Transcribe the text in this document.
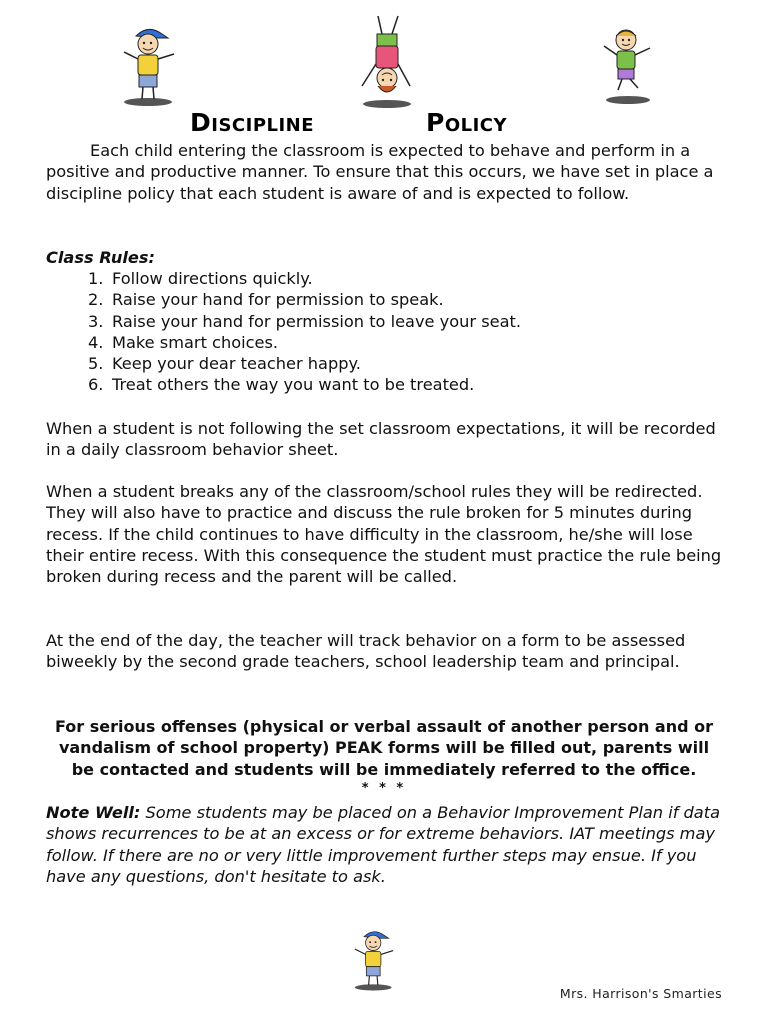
Discipline	Policy
Each child entering the classroom is expected to behave and perform in a positive and productive manner. To ensure that this occurs, we have set in place a discipline policy that each student is aware of and is expected to follow.
Class Rules:
1. Follow directions quickly.
2. Raise your hand for permission to speak.
3. Raise your hand for permission to leave your seat.
4. Make smart choices.
5. Keep your dear teacher happy.
6. Treat others the way you want to be treated.
When a student is not following the set classroom expectations, it will be recorded in a daily classroom behavior sheet.
When a student breaks any of the classroom/school rules they will be redirected. They will also have to practice and discuss the rule broken for 5 minutes during recess. If the child continues to have difficulty in the classroom, he/she will lose their entire recess. With this consequence the student must practice the rule being broken during recess and the parent will be called.
At the end of the day, the teacher will track behavior on a form to be assessed biweekly by the second grade teachers, school leadership team and principal.
For serious offenses (physical or verbal assault of another person and or vandalism of school property) PEAK forms will be filled out, parents will be contacted and students will be immediately referred to the office.
* * *
Note Well: Some students may be placed on a Behavior Improvement Plan if data shows recurrences to be at an excess or for extreme behaviors. IAT meetings may follow. If there are no or very little improvement further steps may ensue. If you have any questions, don't hesitate to ask.
Mrs. Harrison's Smarties
